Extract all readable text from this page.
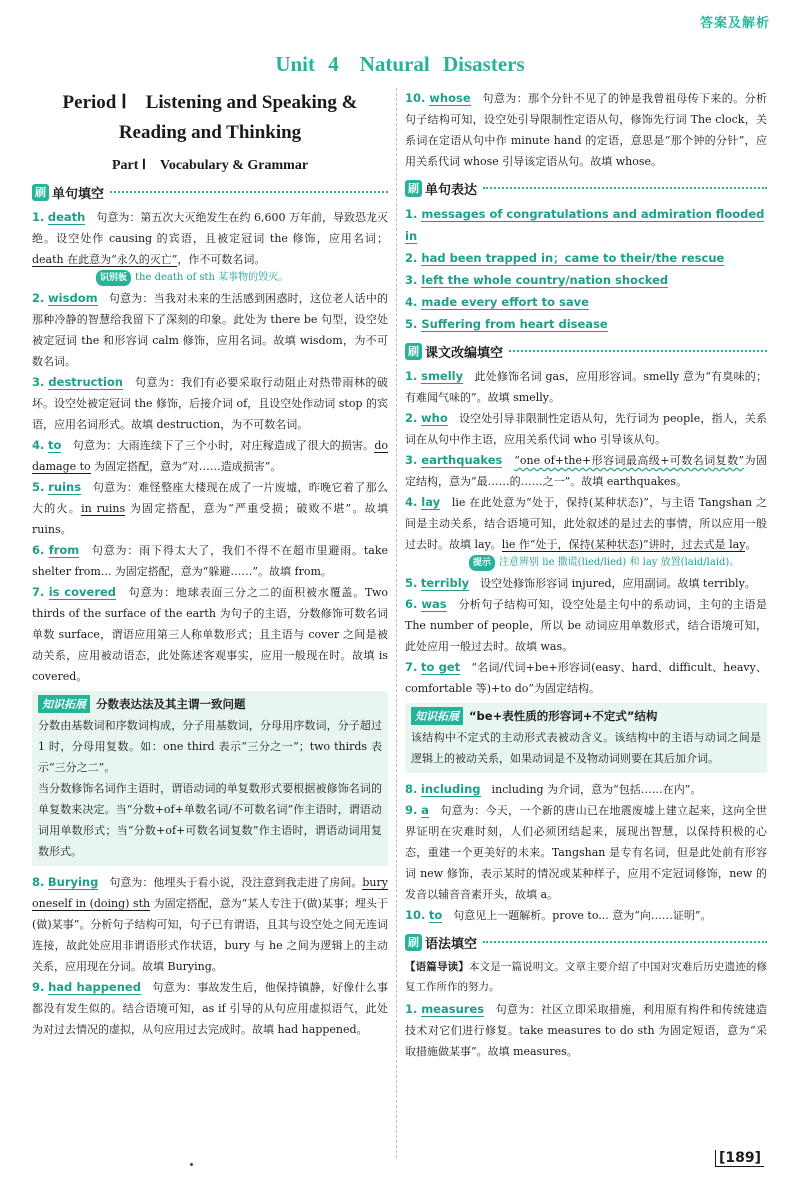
答案及解析
Unit 4　Natural Disasters
Period Ⅰ　Listening and Speaking &
Reading and Thinking
Part Ⅰ　Vocabulary & Grammar
刷 单句填空

1. death　句意为：第五次大灭绝发生在约 6,600 万年前，导致恐龙灭绝。设空处作 causing 的宾语，且被定冠词 the 修饰，应用名词；death 在此意为“永久的灭亡”，作不可数名词。

识别板 the death of sth 某事物的毁灭。

2. wisdom　句意为：当我对未来的生活感到困惑时，这位老人话中的那种冷静的智慧给我留下了深刻的印象。此处为 there be 句型，设空处被定冠词 the 和形容词 calm 修饰，应用名词。故填 wisdom，为不可数名词。

3. destruction　句意为：我们有必要采取行动阻止对热带雨林的破坏。设空处被定冠词 the 修饰，后接介词 of，且设空处作动词 stop 的宾语，应用名词形式。故填 destruction，为不可数名词。

4. to　句意为：大雨连续下了三个小时，对庄稼造成了很大的损害。do damage to 为固定搭配，意为“对……造成损害”。

5. ruins　句意为：难怪整座大楼现在成了一片废墟，昨晚它着了那么大的火。in ruins 为固定搭配，意为“严重受损；破败不堪”。故填 ruins。

6. from　句意为：雨下得太大了，我们不得不在超市里避雨。take shelter from... 为固定搭配，意为“躲避……”。故填 from。

7. is covered　句意为：地球表面三分之二的面积被水覆盖。Two thirds of the surface of the earth 为句子的主语，分数修饰可数名词单数 surface，谓语应用第三人称单数形式；且主语与 cover 之间是被动关系，应用被动语态，此处陈述客观事实，应用一般现在时。故填 is covered。

知识拓展 分数表达法及其主谓一致问题

分数由基数词和序数词构成，分子用基数词，分母用序数词，分子超过 1 时，分母用复数。如：one third 表示“三分之一”；two thirds 表示“三分之二”。

当分数修饰名词作主语时，谓语动词的单复数形式要根据被修饰名词的单复数来决定。当“分数+of+单数名词/不可数名词”作主语时，谓语动词用单数形式；当“分数+of+可数名词复数”作主语时，谓语动词用复数形式。

8. Burying　句意为：他埋头于看小说，没注意到我走进了房间。bury oneself in (doing) sth 为固定搭配，意为“某人专注于(做)某事；埋头于(做)某事”。分析句子结构可知，句子已有谓语，且其与设空处之间无连词连接，故此处应用非谓语形式作状语，bury 与 he 之间为逻辑上的主动关系，应用现在分词。故填 Burying。

9. had happened　句意为：事故发生后，他保持镇静，好像什么事都没有发生似的。结合语境可知，as if 引导的从句应用虚拟语气，此处为对过去情况的虚拟，从句应用过去完成时。故填 had happened。

10. whose　句意为：那个分针不见了的钟是我曾祖母传下来的。分析句子结构可知，设空处引导限制性定语从句，修饰先行词 The clock，关系词在定语从句中作 minute hand 的定语，意思是“那个钟的分针”，应用关系代词 whose 引导该定语从句。故填 whose。

刷 单句表达

1. messages of congratulations and admiration flooded in

2. had been trapped in；came to their/the rescue

3. left the whole country/nation shocked

4. made every effort to save

5. Suffering from heart disease

刷 课文改编填空

1. smelly　此处修饰名词 gas，应用形容词。smelly 意为“有臭味的；有难闻气味的”。故填 smelly。

2. who　设空处引导非限制性定语从句，先行词为 people，指人，关系词在从句中作主语，应用关系代词 who 引导该从句。

3. earthquakes　 “one of+the+形容词最高级+可数名词复数”为固定结构，意为“最……的……之一”。故填 earthquakes。

4. lay　lie 在此处意为“处于，保持(某种状态)”，与主语 Tangshan 之间是主动关系，结合语境可知，此处叙述的是过去的事情，所以应用一般过去时。故填 lay。lie 作“处于，保持(某种状态)”讲时，过去式是 lay。

提示 注意辨别 lie 撒谎(lied/lied) 和 lay 放置(laid/laid)。

5. terribly　设空处修饰形容词 injured，应用副词。故填 terribly。

6. was　分析句子结构可知，设空处是主句中的系动词，主句的主语是 The number of people，所以 be 动词应用单数形式，结合语境可知，此处应用一般过去时。故填 was。

7. to get　“名词/代词+be+形容词(easy、hard、difficult、heavy、comfortable 等)+to do”为固定结构。

知识拓展 “be+表性质的形容词+不定式”结构

该结构中不定式的主动形式表被动含义。该结构中的主语与动词之间是逻辑上的被动关系，如果动词是不及物动词则要在其后加介词。

8. including　including 为介词，意为“包括……在内”。

9. a　句意为：今天，一个新的唐山已在地震废墟上建立起来，这向全世界证明在灾难时刻，人们必须团结起来，展现出智慧，以保持积极的心态，重建一个更美好的未来。Tangshan 是专有名词，但是此处前有形容词 new 修饰，表示某时的情况或某种样子，应用不定冠词修饰，new 的发音以辅音音素开头，故填 a。

10. to　句意见上一题解析。prove to... 意为“向……证明”。

刷 语法填空

【语篇导读】本文是一篇说明文。文章主要介绍了中国对灾难后历史遗迹的修复工作所作的努力。

1. measures　句意为：社区立即采取措施，利用原有构件和传统建造技术对它们进行修复。take measures to do sth 为固定短语，意为“采取措施做某事”。故填 measures。

[ 189 ]
